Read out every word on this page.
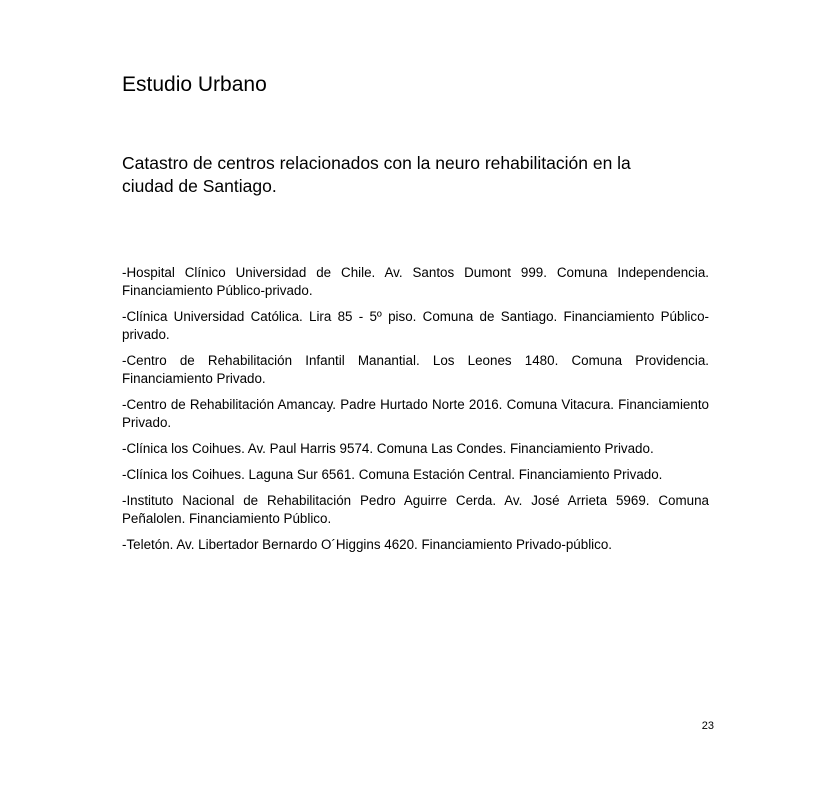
Estudio Urbano
Catastro de centros relacionados con la neuro rehabilitación en la ciudad de Santiago.
-Hospital Clínico Universidad de Chile. Av. Santos Dumont 999. Comuna Independencia. Financiamiento Público-privado.
-Clínica Universidad Católica. Lira 85 - 5º piso. Comuna de Santiago. Financiamiento Público-privado.
-Centro de Rehabilitación Infantil Manantial. Los Leones 1480. Comuna Providencia. Financiamiento Privado.
-Centro de Rehabilitación Amancay. Padre Hurtado Norte 2016. Comuna Vitacura. Financiamiento Privado.
-Clínica los Coihues. Av. Paul Harris 9574. Comuna Las Condes. Financiamiento Privado.
-Clínica los Coihues. Laguna Sur 6561. Comuna Estación Central. Financiamiento Privado.
-Instituto Nacional de Rehabilitación Pedro Aguirre Cerda. Av. José Arrieta 5969. Comuna Peñalolen. Financiamiento Público.
-Teletón. Av. Libertador Bernardo O´Higgins 4620. Financiamiento Privado-público.
23
